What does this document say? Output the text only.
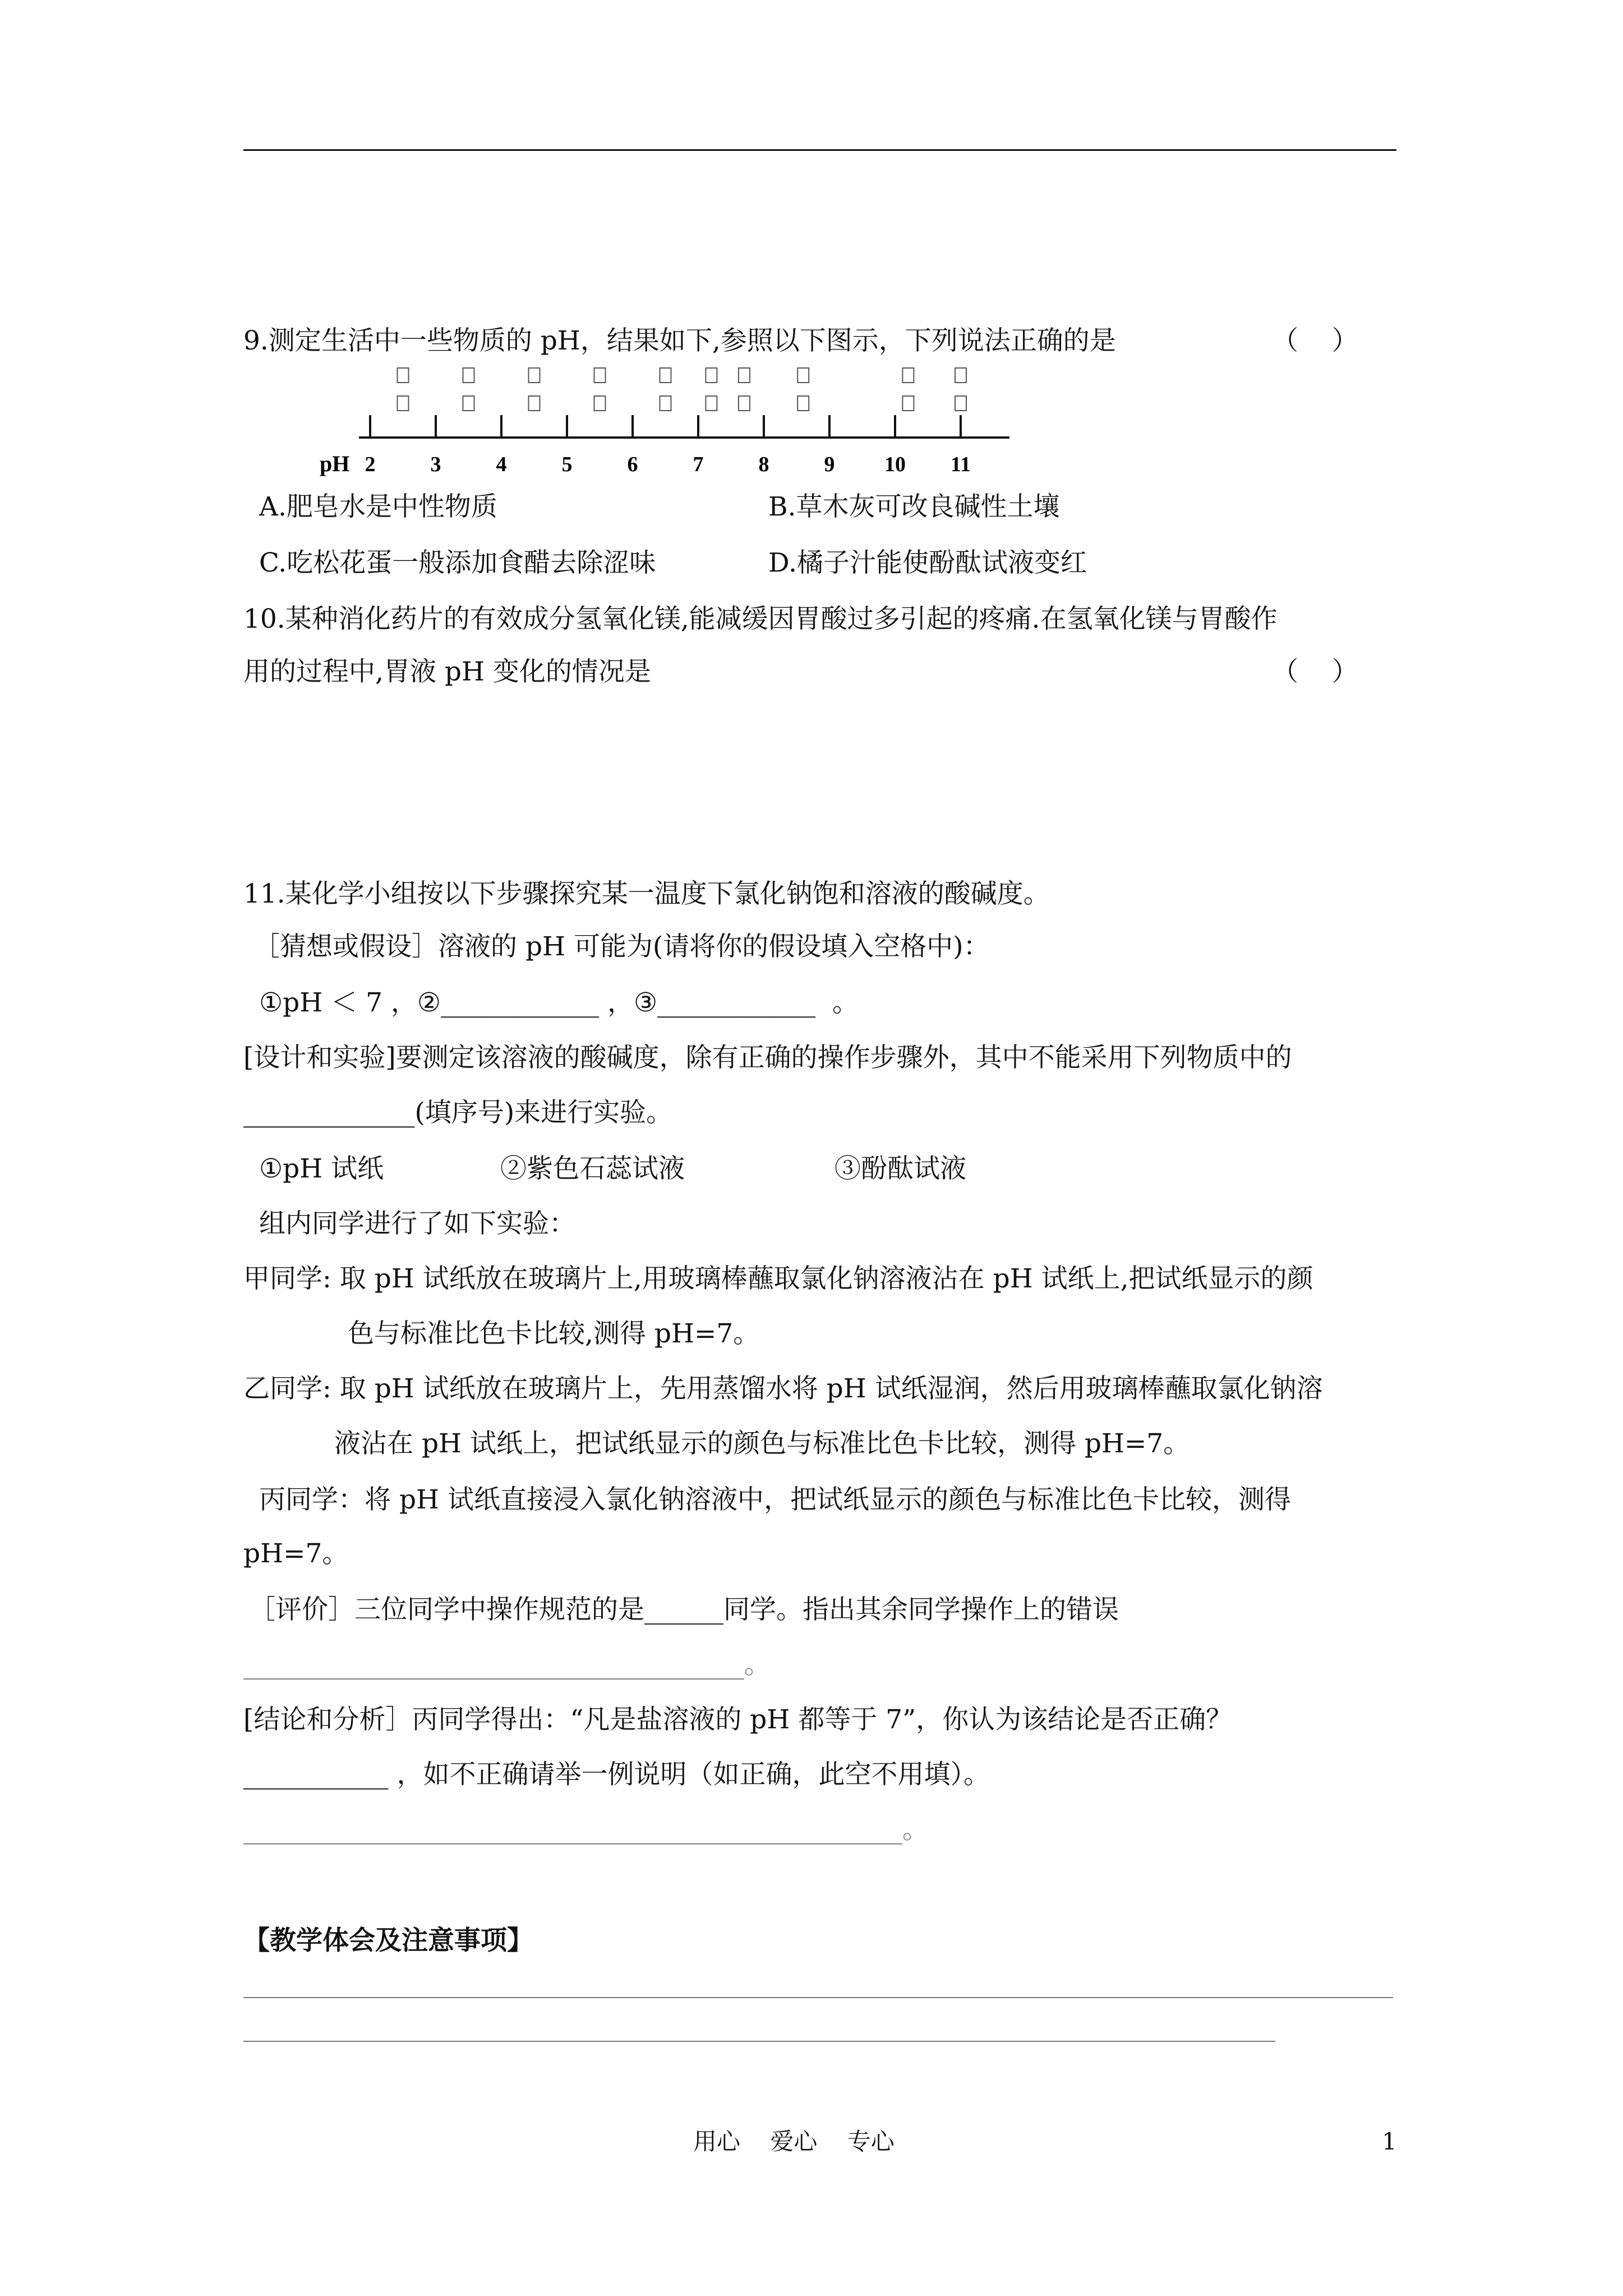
9.测定生活中一些物质的 pH，结果如下,参照以下图示，下列说法正确的是	（    ）
pH 2	3	4	5	6	7	8	9 10 11
A.肥皂水是中性物质	B.草木灰可改良碱性土壤
C.吃松花蛋一般添加食醋去除涩味	D.橘子汁能使酚酞试液变红
10.某种消化药片的有效成分氢氧化镁,能减缓因胃酸过多引起的疼痛.在氢氧化镁与胃酸作
用的过程中,胃液 pH 变化的情况是	（    ）
11.某化学小组按以下步骤探究某一温度下氯化钠饱和溶液的酸碱度。
［猜想或假设］溶液的 pH 可能为(请将你的假设填入空格中)：
①pH ＜ 7 ，②____________ ，③____________  。
[设计和实验]要测定该溶液的酸碱度，除有正确的操作步骤外，其中不能采用下列物质中的
_____________(填序号)来进行实验。
①pH 试纸	②紫色石蕊试液	③酚酞试液
组内同学进行了如下实验：
甲同学: 取 pH 试纸放在玻璃片上,用玻璃棒蘸取氯化钠溶液沾在 pH 试纸上,把试纸显示的颜
色与标准比色卡比较,测得 pH=7。
乙同学: 取 pH 试纸放在玻璃片上，先用蒸馏水将 pH 试纸湿润，然后用玻璃棒蘸取氯化钠溶
液沾在 pH 试纸上，把试纸显示的颜色与标准比色卡比较，测得 pH=7。
丙同学：将 pH 试纸直接浸入氯化钠溶液中，把试纸显示的颜色与标准比色卡比较，测得
pH=7。
［评价］三位同学中操作规范的是______同学。指出其余同学操作上的错误
______________________________________。
[结论和分析］丙同学得出：“凡是盐溶液的 pH 都等于 7”，你认为该结论是否正确？
___________ ，如不正确请举一例说明（如正确，此空不用填）。
__________________________________________________。
【教学体会及注意事项】
用心    爱心    专心	1
